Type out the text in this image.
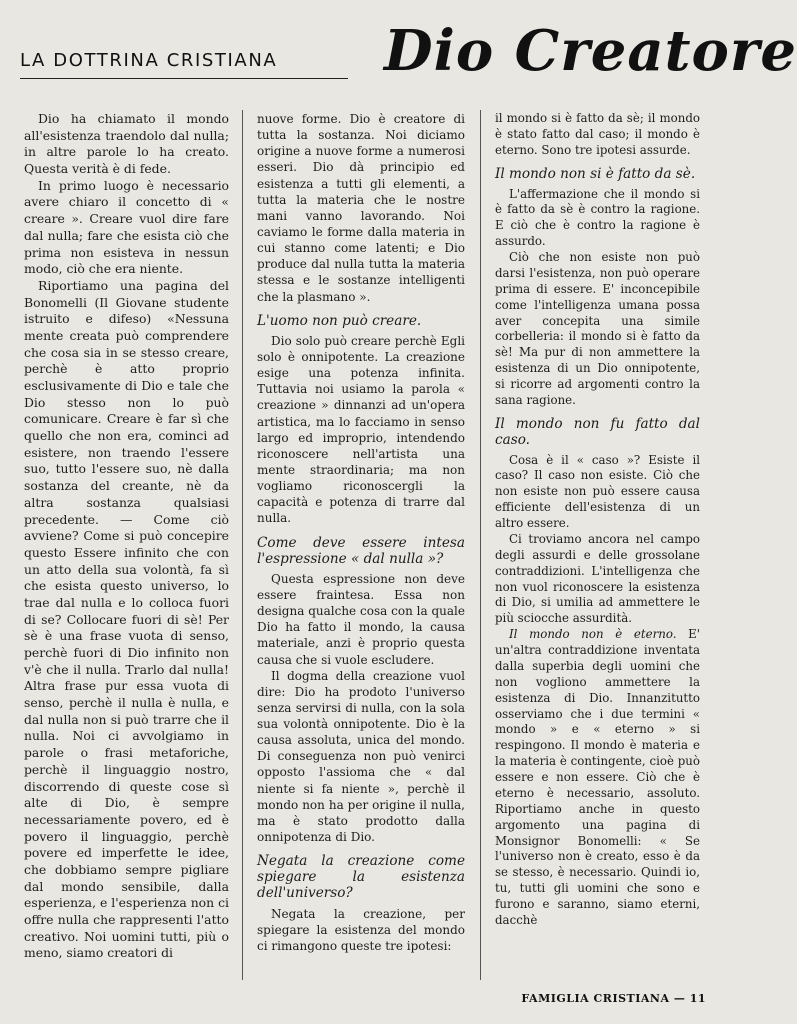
LA DOTTRINA CRISTIANA Dio Creatore

Dio ha chiamato il mondo all'esistenza traendolo dal nulla; in altre parole lo ha creato. Questa verità è di fede.

In primo luogo è necessario avere chiaro il concetto di « creare ». Creare vuol dire fare dal nulla; fare che esista ciò che prima non esisteva in nessun modo, ciò che era niente.

Riportiamo una pagina del Bonomelli (Il Giovane studente istruito e difeso) «Nessuna mente creata può comprendere che cosa sia in se stesso creare, perchè è atto proprio esclusivamente di Dio e tale che Dio stesso non lo può comunicare. Creare è far sì che quello che non era, cominci ad esistere, non traendo l'essere suo, tutto l'essere suo, nè dalla sostanza del creante, nè da altra sostanza qualsiasi precedente. — Come ciò avviene? Come si può concepire questo Essere infinito che con un atto della sua volontà, fa sì che esista questo universo, lo trae dal nulla e lo colloca fuori di se? Collocare fuori di sè! Per sè è una frase vuota di senso, perchè fuori di Dio infinito non v'è che il nulla. Trarlo dal nulla! Altra frase pur essa vuota di senso, perchè il nulla è nulla, e dal nulla non si può trarre che il nulla. Noi ci avvolgiamo in parole o frasi metaforiche, perchè il linguaggio nostro, discorrendo di queste cose sì alte di Dio, è sempre necessariamente povero, ed è povero il linguaggio, perchè povere ed imperfette le idee, che dobbiamo sempre pigliare dal mondo sensibile, dalla esperienza, e l'esperienza non ci offre nulla che rappresenti l'atto creativo. Noi uomini tutti, più o meno, siamo creatori di

nuove forme. Dio è creatore di tutta la sostanza. Noi diciamo origine a nuove forme a numerosi esseri. Dio dà principio ed esistenza a tutti gli elementi, a tutta la materia che le nostre mani vanno lavorando. Noi caviamo le forme dalla materia in cui stanno come latenti; e Dio produce dal nulla tutta la materia stessa e le sostanze intelligenti che la plasmano ».

L'uomo non può creare.

Dio solo può creare perchè Egli solo è onnipotente. La creazione esige una potenza infinita. Tuttavia noi usiamo la parola « creazione » dinnanzi ad un'opera artistica, ma lo facciamo in senso largo ed improprio, intendendo riconoscere nell'artista una mente straordinaria; ma non vogliamo riconoscergli la capacità e potenza di trarre dal nulla.

Come deve essere intesa l'espressione « dal nulla »?

Questa espressione non deve essere fraintesa. Essa non designa qualche cosa con la quale Dio ha fatto il mondo, la causa materiale, anzi è proprio questa causa che si vuole escludere.

Il dogma della creazione vuol dire: Dio ha prodoto l'universo senza servirsi di nulla, con la sola sua volontà onnipotente. Dio è la causa assoluta, unica del mondo. Di conseguenza non può venirci opposto l'assioma che « dal niente si fa niente », perchè il mondo non ha per origine il nulla, ma è stato prodotto dalla onnipotenza di Dio.

Negata la creazione come spiegare la esistenza dell'universo?

Negata la creazione, per spiegare la esistenza del mondo ci rimangono queste tre ipotesi:

il mondo si è fatto da sè; il mondo è stato fatto dal caso; il mondo è eterno. Sono tre ipotesi assurde.

Il mondo non si è fatto da sè.

L'affermazione che il mondo si è fatto da sè è contro la ragione. E ciò che è contro la ragione è assurdo.

Ciò che non esiste non può darsi l'esistenza, non può operare prima di essere. E' inconcepibile come l'intelligenza umana possa aver concepita una simile corbelleria: il mondo si è fatto da sè! Ma pur di non ammettere la esistenza di un Dio onnipotente, si ricorre ad argomenti contro la sana ragione.

Il mondo non fu fatto dal caso.

Cosa è il « caso »? Esiste il caso? Il caso non esiste. Ciò che non esiste non può essere causa efficiente dell'esistenza di un altro essere.

Ci troviamo ancora nel campo degli assurdi e delle grossolane contraddizioni. L'intelligenza che non vuol riconoscere la esistenza di Dio, si umilia ad ammettere le più sciocche assurdità.

Il mondo non è eterno. E' un'altra contraddizione inventata dalla superbia degli uomini che non vogliono ammettere la esistenza di Dio. Innanzitutto osserviamo che i due termini « mondo » e « eterno » si respingono. Il mondo è materia e la materia è contingente, cioè può essere e non essere. Ciò che è eterno è necessario, assoluto. Riportiamo anche in questo argomento una pagina di Monsignor Bonomelli: « Se l'universo non è creato, esso è da se stesso, è necessario. Quindi io, tu, tutti gli uomini che sono e furono e saranno, siamo eterni, dacchè

FAMIGLIA CRISTIANA — 11
